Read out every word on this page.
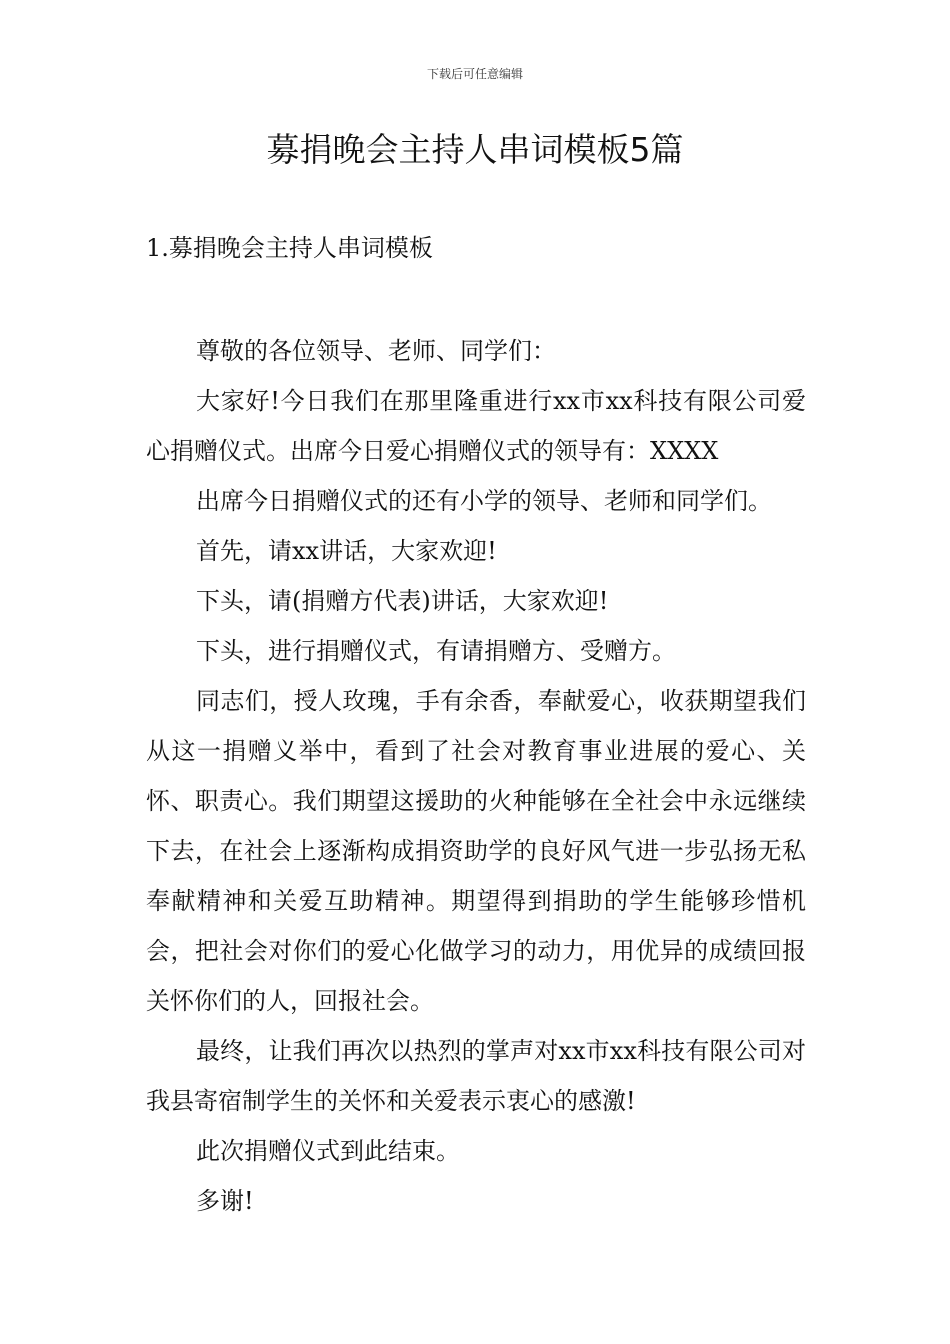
下载后可任意编辑
募捐晚会主持人串词模板5篇
1.募捐晚会主持人串词模板

尊敬的各位领导、老师、同学们：

大家好!今日我们在那里隆重进行xx市xx科技有限公司爱心捐赠仪式。出席今日爱心捐赠仪式的领导有：XXXX

出席今日捐赠仪式的还有小学的领导、老师和同学们。

首先，请xx讲话，大家欢迎!

下头，请(捐赠方代表)讲话，大家欢迎!

下头，进行捐赠仪式，有请捐赠方、受赠方。

同志们，授人玫瑰，手有余香，奉献爱心，收获期望我们从这一捐赠义举中，看到了社会对教育事业进展的爱心、关怀、职责心。我们期望这援助的火种能够在全社会中永远继续下去，在社会上逐渐构成捐资助学的良好风气进一步弘扬无私奉献精神和关爱互助精神。期望得到捐助的学生能够珍惜机会，把社会对你们的爱心化做学习的动力，用优异的成绩回报关怀你们的人，回报社会。

最终，让我们再次以热烈的掌声对xx市xx科技有限公司对我县寄宿制学生的关怀和关爱表示衷心的感激!

此次捐赠仪式到此结束。

多谢!
